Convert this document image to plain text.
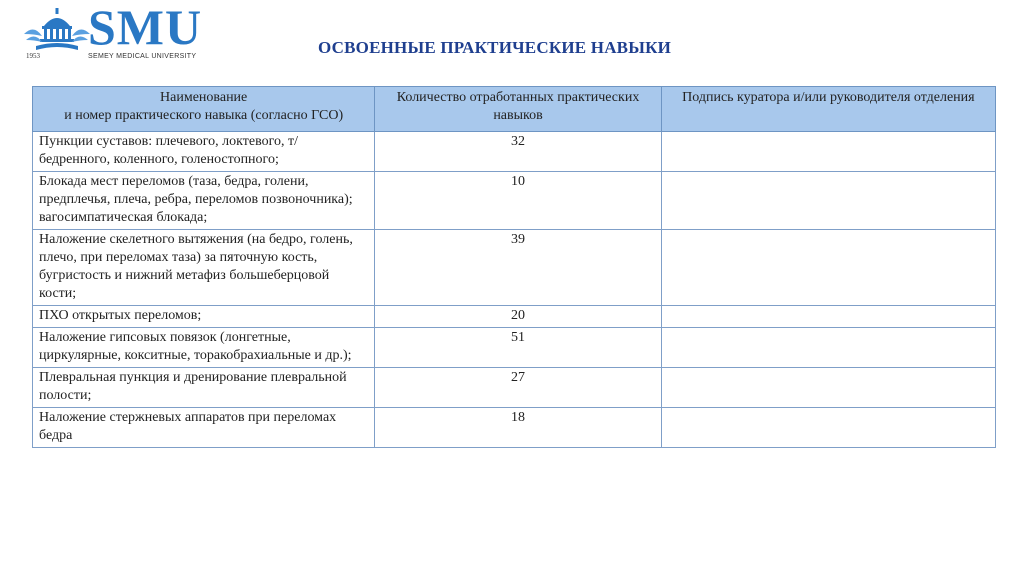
SMU
1953	SEMEY MEDICAL UNIVERSITY	ОСВОЕННЫЕ ПРАКТИЧЕСКИЕ НАВЫКИ
Наименование
и номер практического навыка (согласно ГСО)	Количество отработанных практических навыков	Подпись куратора и/или руководителя отделения
Пункции суставов: плечевого, локтевого, т/бедренного, коленного, голеностопного;	32	
Блокада мест переломов (таза, бедра, голени, предплечья, плеча, ребра, переломов позвоночника); вагосимпатическая блокада;	10	
Наложение скелетного вытяжения (на бедро, голень, плечо, при переломах таза) за пяточную кость, бугристость и нижний метафиз большеберцовой кости;	39	
ПХО открытых переломов;	20	
Наложение гипсовых повязок (лонгетные, циркулярные, кокситные, торакобрахиальные и др.);	51	
Плевральная пункция и дренирование плевральной полости;	27	
Наложение стержневых аппаратов при переломах бедра	18	
